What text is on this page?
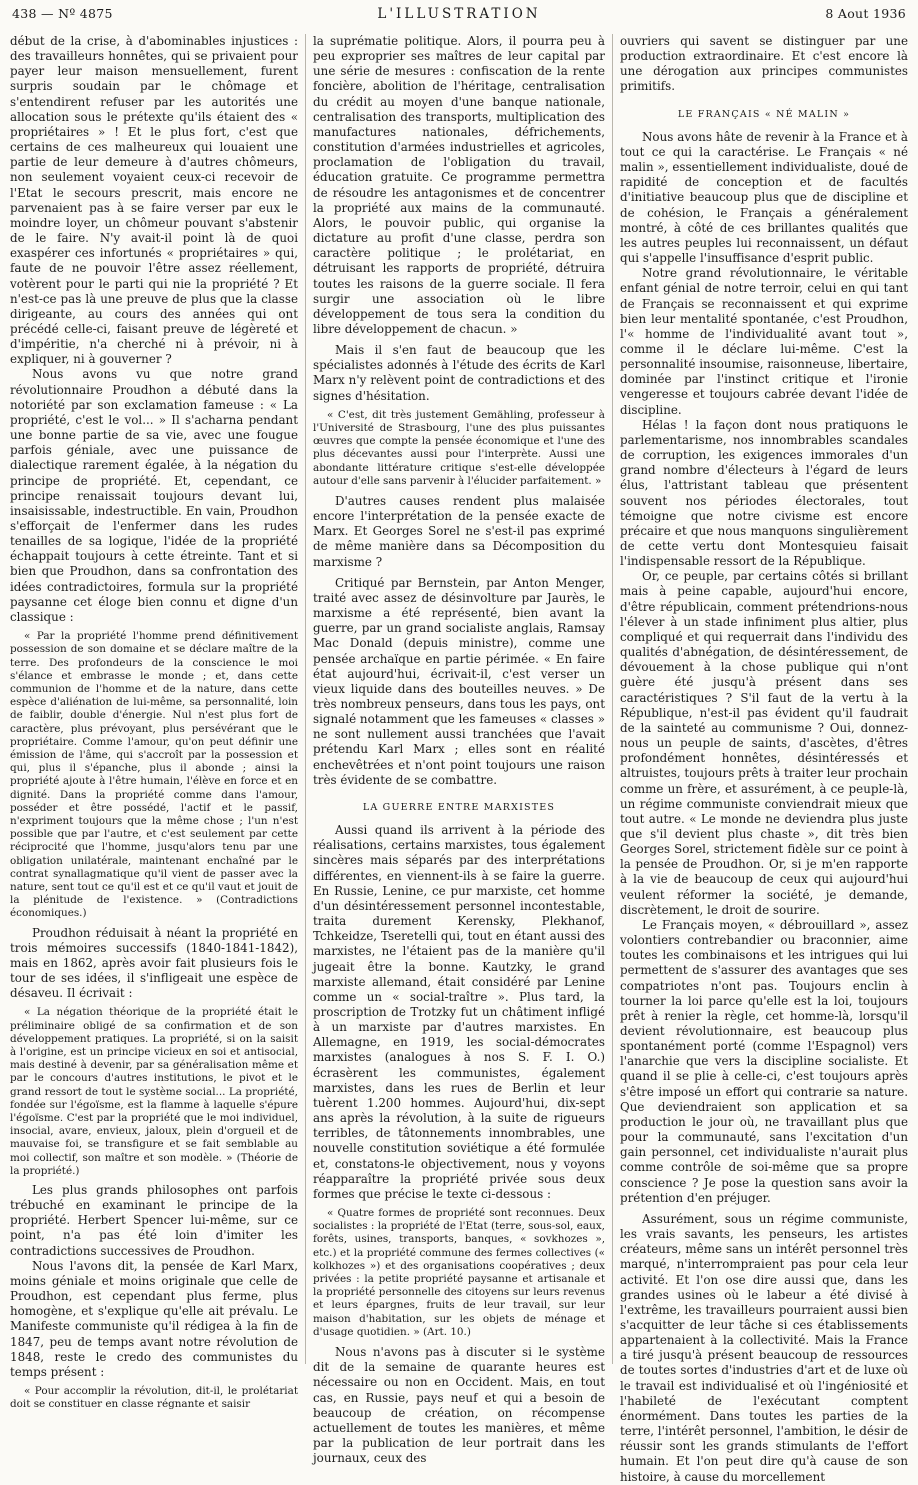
438 — Nº 4875	L'ILLUSTRATION	8 Aout 1936

début de la crise, à d'abominables injustices : des travailleurs honnêtes, qui se privaient pour payer leur maison mensuellement, furent surpris soudain par le chômage et s'entendirent refuser par les autorités une allocation sous le prétexte qu'ils étaient des « propriétaires » ! Et le plus fort, c'est que certains de ces malheureux qui louaient une partie de leur demeure à d'autres chômeurs, non seulement voyaient ceux-ci recevoir de l'Etat le secours prescrit, mais encore ne parvenaient pas à se faire verser par eux le moindre loyer, un chômeur pouvant s'abstenir de le faire. N'y avait-il point là de quoi exaspérer ces infortunés « propriétaires » qui, faute de ne pouvoir l'être assez réellement, votèrent pour le parti qui nie la propriété ? Et n'est-ce pas là une preuve de plus que la classe dirigeante, au cours des années qui ont précédé celle-ci, faisant preuve de légèreté et d'impéritie, n'a cherché ni à prévoir, ni à expliquer, ni à gouverner ?

Nous avons vu que notre grand révolutionnaire Proudhon a débuté dans la notoriété par son exclamation fameuse : « La propriété, c'est le vol... » Il s'acharna pendant une bonne partie de sa vie, avec une fougue parfois géniale, avec une puissance de dialectique rarement égalée, à la négation du principe de propriété. Et, cependant, ce principe renaissait toujours devant lui, insaisissable, indestructible. En vain, Proudhon s'efforçait de l'enfermer dans les rudes tenailles de sa logique, l'idée de la propriété échappait toujours à cette étreinte. Tant et si bien que Proudhon, dans sa confrontation des idées contradictoires, formula sur la propriété paysanne cet éloge bien connu et digne d'un classique :

« Par la propriété l'homme prend définitivement possession de son domaine et se déclare maître de la terre. Des profondeurs de la conscience le moi s'élance et embrasse le monde ; et, dans cette communion de l'homme et de la nature, dans cette espèce d'aliénation de lui-même, sa personnalité, loin de faiblir, double d'énergie. Nul n'est plus fort de caractère, plus prévoyant, plus persévérant que le propriétaire. Comme l'amour, qu'on peut définir une émission de l'âme, qui s'accroît par la possession et qui, plus il s'épanche, plus il abonde ; ainsi la propriété ajoute à l'être humain, l'élève en force et en dignité. Dans la propriété comme dans l'amour, posséder et être possédé, l'actif et le passif, n'expriment toujours que la même chose ; l'un n'est possible que par l'autre, et c'est seulement par cette réciprocité que l'homme, jusqu'alors tenu par une obligation unilatérale, maintenant enchaîné par le contrat synallagmatique qu'il vient de passer avec la nature, sent tout ce qu'il est et ce qu'il vaut et jouit de la plénitude de l'existence. » (Contradictions économiques.)

Proudhon réduisait à néant la propriété en trois mémoires successifs (1840-1841-1842), mais en 1862, après avoir fait plusieurs fois le tour de ses idées, il s'infligeait une espèce de désaveu. Il écrivait :

« La négation théorique de la propriété était le préliminaire obligé de sa confirmation et de son développement pratiques. La propriété, si on la saisit à l'origine, est un principe vicieux en soi et antisocial, mais destiné à devenir, par sa généralisation même et par le concours d'autres institutions, le pivot et le grand ressort de tout le système social... La propriété, fondée sur l'égoïsme, est la flamme à laquelle s'épure l'égoïsme. C'est par la propriété que le moi individuel, insocial, avare, envieux, jaloux, plein d'orgueil et de mauvaise foi, se transfigure et se fait semblable au moi collectif, son maître et son modèle. » (Théorie de la propriété.)

Les plus grands philosophes ont parfois trébuché en examinant le principe de la propriété. Herbert Spencer lui-même, sur ce point, n'a pas été loin d'imiter les contradictions successives de Proudhon.

Nous l'avons dit, la pensée de Karl Marx, moins géniale et moins originale que celle de Proudhon, est cependant plus ferme, plus homogène, et s'explique qu'elle ait prévalu. Le Manifeste communiste qu'il rédigea à la fin de 1847, peu de temps avant notre révolution de 1848, reste le credo des communistes du temps présent :

« Pour accomplir la révolution, dit-il, le prolétariat doit se constituer en classe régnante et saisir

la suprématie politique. Alors, il pourra peu à peu exproprier ses maîtres de leur capital par une série de mesures : confiscation de la rente foncière, abolition de l'héritage, centralisation du crédit au moyen d'une banque nationale, centralisation des transports, multiplication des manufactures nationales, défrichements, constitution d'armées industrielles et agricoles, proclamation de l'obligation du travail, éducation gratuite. Ce programme permettra de résoudre les antagonismes et de concentrer la propriété aux mains de la communauté. Alors, le pouvoir public, qui organise la dictature au profit d'une classe, perdra son caractère politique ; le prolétariat, en détruisant les rapports de propriété, détruira toutes les raisons de la guerre sociale. Il fera surgir une association où le libre développement de tous sera la condition du libre développement de chacun. »

Mais il s'en faut de beaucoup que les spécialistes adonnés à l'étude des écrits de Karl Marx n'y relèvent point de contradictions et des signes d'hésitation.

« C'est, dit très justement Gemähling, professeur à l'Université de Strasbourg, l'une des plus puissantes œuvres que compte la pensée économique et l'une des plus décevantes aussi pour l'interprète. Aussi une abondante littérature critique s'est-elle développée autour d'elle sans parvenir à l'élucider parfaitement. »

D'autres causes rendent plus malaisée encore l'interprétation de la pensée exacte de Marx. Et Georges Sorel ne s'est-il pas exprimé de même manière dans sa Décomposition du marxisme ?

Critiqué par Bernstein, par Anton Menger, traité avec assez de désinvolture par Jaurès, le marxisme a été représenté, bien avant la guerre, par un grand socialiste anglais, Ramsay Mac Donald (depuis ministre), comme une pensée archaïque en partie périmée. « En faire état aujourd'hui, écrivait-il, c'est verser un vieux liquide dans des bouteilles neuves. » De très nombreux penseurs, dans tous les pays, ont signalé notamment que les fameuses « classes » ne sont nullement aussi tranchées que l'avait prétendu Karl Marx ; elles sont en réalité enchevêtrées et n'ont point toujours une raison très évidente de se combattre.

LA GUERRE ENTRE MARXISTES

Aussi quand ils arrivent à la période des réalisations, certains marxistes, tous également sincères mais séparés par des interprétations différentes, en viennent-ils à se faire la guerre. En Russie, Lenine, ce pur marxiste, cet homme d'un désintéressement personnel incontestable, traita durement Kerensky, Plekhanof, Tchkeidze, Tseretelli qui, tout en étant aussi des marxistes, ne l'étaient pas de la manière qu'il jugeait être la bonne. Kautzky, le grand marxiste allemand, était considéré par Lenine comme un « social-traître ». Plus tard, la proscription de Trotzky fut un châtiment infligé à un marxiste par d'autres marxistes. En Allemagne, en 1919, les social-démocrates marxistes (analogues à nos S. F. I. O.) écrasèrent les communistes, également marxistes, dans les rues de Berlin et leur tuèrent 1.200 hommes. Aujourd'hui, dix-sept ans après la révolution, à la suite de rigueurs terribles, de tâtonnements innombrables, une nouvelle constitution soviétique a été formulée et, constatons-le objectivement, nous y voyons réapparaître la propriété privée sous deux formes que précise le texte ci-dessous :

« Quatre formes de propriété sont reconnues. Deux socialistes : la propriété de l'Etat (terre, sous-sol, eaux, forêts, usines, transports, banques, « sovkhozes », etc.) et la propriété commune des fermes collectives (« kolkhozes ») et des organisations coopératives ; deux privées : la petite propriété paysanne et artisanale et la propriété personnelle des citoyens sur leurs revenus et leurs épargnes, fruits de leur travail, sur leur maison d'habitation, sur les objets de ménage et d'usage quotidien. » (Art. 10.)

Nous n'avons pas à discuter si le système dit de la semaine de quarante heures est nécessaire ou non en Occident. Mais, en tout cas, en Russie, pays neuf et qui a besoin de beaucoup de création, on récompense actuellement de toutes les manières, et même par la publication de leur portrait dans les journaux, ceux des

ouvriers qui savent se distinguer par une production extraordinaire. Et c'est encore là une dérogation aux principes communistes primitifs.

LE FRANÇAIS « NÉ MALIN »

Nous avons hâte de revenir à la France et à tout ce qui la caractérise. Le Français « né malin », essentiellement individualiste, doué de rapidité de conception et de facultés d'initiative beaucoup plus que de discipline et de cohésion, le Français a généralement montré, à côté de ces brillantes qualités que les autres peuples lui reconnaissent, un défaut qui s'appelle l'insuffisance d'esprit public.

Notre grand révolutionnaire, le véritable enfant génial de notre terroir, celui en qui tant de Français se reconnaissent et qui exprime bien leur mentalité spontanée, c'est Proudhon, l'« homme de l'individualité avant tout », comme il le déclare lui-même. C'est la personnalité insoumise, raisonneuse, libertaire, dominée par l'instinct critique et l'ironie vengeresse et toujours cabrée devant l'idée de discipline.

Hélas ! la façon dont nous pratiquons le parlementarisme, nos innombrables scandales de corruption, les exigences immorales d'un grand nombre d'électeurs à l'égard de leurs élus, l'attristant tableau que présentent souvent nos périodes électorales, tout témoigne que notre civisme est encore précaire et que nous manquons singulièrement de cette vertu dont Montesquieu faisait l'indispensable ressort de la République.

Or, ce peuple, par certains côtés si brillant mais à peine capable, aujourd'hui encore, d'être républicain, comment prétendrions-nous l'élever à un stade infiniment plus altier, plus compliqué et qui requerrait dans l'individu des qualités d'abnégation, de désintéressement, de dévouement à la chose publique qui n'ont guère été jusqu'à présent dans ses caractéristiques ? S'il faut de la vertu à la République, n'est-il pas évident qu'il faudrait de la sainteté au communisme ? Oui, donnez-nous un peuple de saints, d'ascètes, d'êtres profondément honnêtes, désintéressés et altruistes, toujours prêts à traiter leur prochain comme un frère, et assurément, à ce peuple-là, un régime communiste conviendrait mieux que tout autre. « Le monde ne deviendra plus juste que s'il devient plus chaste », dit très bien Georges Sorel, strictement fidèle sur ce point à la pensée de Proudhon. Or, si je m'en rapporte à la vie de beaucoup de ceux qui aujourd'hui veulent réformer la société, je demande, discrètement, le droit de sourire.

Le Français moyen, « débrouillard », assez volontiers contrebandier ou braconnier, aime toutes les combinaisons et les intrigues qui lui permettent de s'assurer des avantages que ses compatriotes n'ont pas. Toujours enclin à tourner la loi parce qu'elle est la loi, toujours prêt à renier la règle, cet homme-là, lorsqu'il devient révolutionnaire, est beaucoup plus spontanément porté (comme l'Espagnol) vers l'anarchie que vers la discipline socialiste. Et quand il se plie à celle-ci, c'est toujours après s'être imposé un effort qui contrarie sa nature. Que deviendraient son application et sa production le jour où, ne travaillant plus que pour la communauté, sans l'excitation d'un gain personnel, cet individualiste n'aurait plus comme contrôle de soi-même que sa propre conscience ? Je pose la question sans avoir la prétention d'en préjuger.

Assurément, sous un régime communiste, les vrais savants, les penseurs, les artistes créateurs, même sans un intérêt personnel très marqué, n'interrompraient pas pour cela leur activité. Et l'on ose dire aussi que, dans les grandes usines où le labeur a été divisé à l'extrême, les travailleurs pourraient aussi bien s'acquitter de leur tâche si ces établissements appartenaient à la collectivité. Mais la France a tiré jusqu'à présent beaucoup de ressources de toutes sortes d'industries d'art et de luxe où le travail est individualisé et où l'ingéniosité et l'habileté de l'exécutant comptent énormément. Dans toutes les parties de la terre, l'intérêt personnel, l'ambition, le désir de réussir sont les grands stimulants de l'effort humain. Et l'on peut dire qu'à cause de son histoire, à cause du morcellement
